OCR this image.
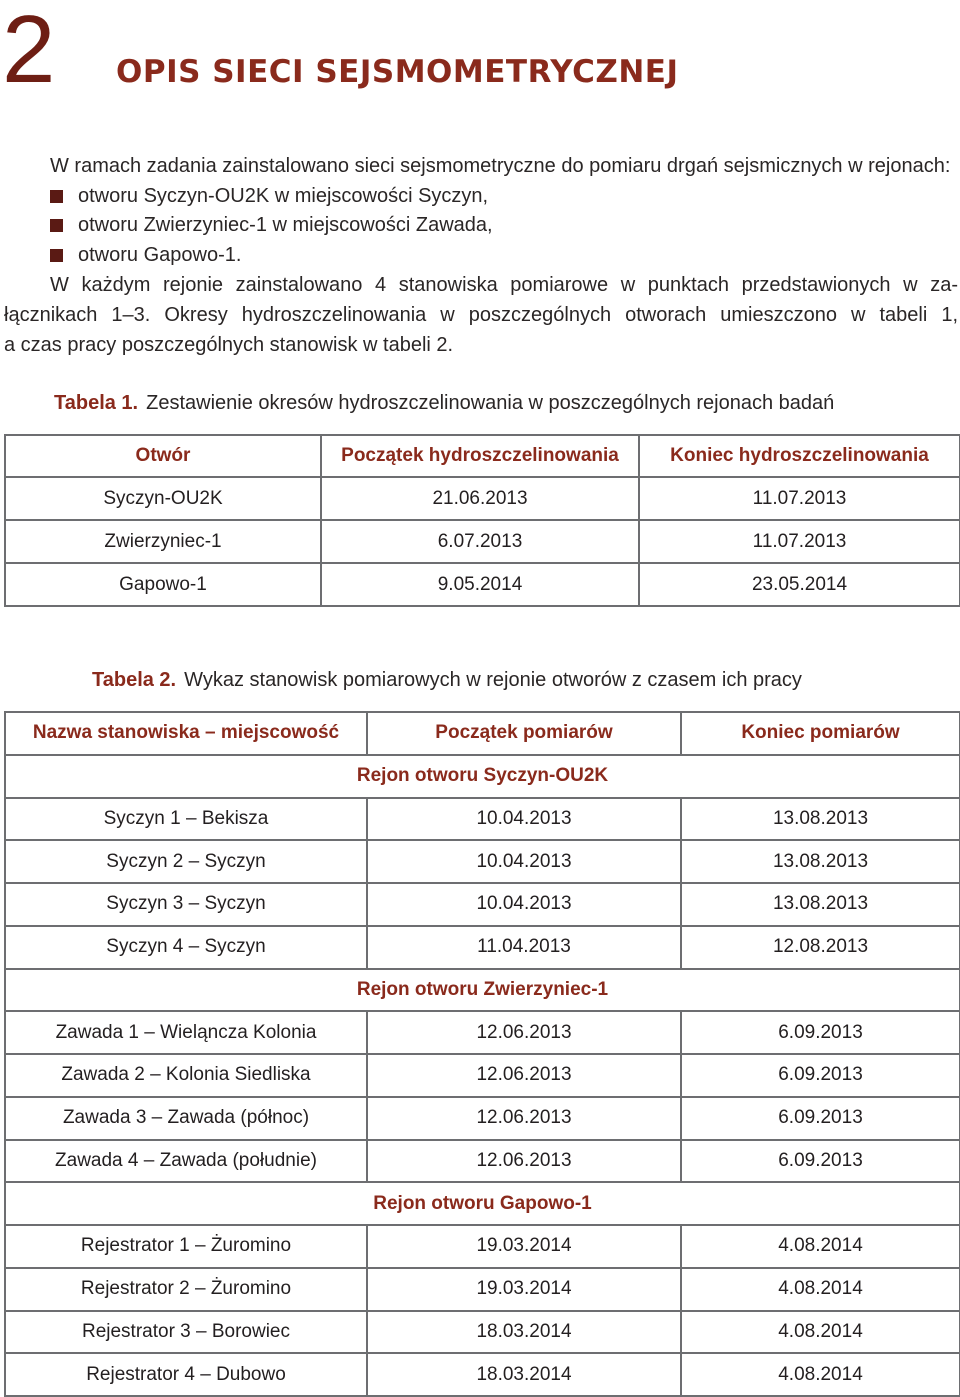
2 OPIS SIECI SEJSMOMETRYCZNEJ

W ramach zadania zainstalowano sieci sejsmometryczne do pomiaru drgań sejsmicznych w rejonach:

otworu Syczyn-OU2K w miejscowości Syczyn,
otworu Zwierzyniec-1 w miejscowości Zawada,
otworu Gapowo-1.

W każdym rejonie zainstalowano 4 stanowiska pomiarowe w punktach przedstawionych w za-

łącznikach 1–3. Okresy hydroszczelinowania w poszczególnych otworach umieszczono w tabeli 1,

a czas pracy poszczególnych stanowisk w tabeli 2.

Tabela 1. Zestawienie okresów hydroszczelinowania w poszczególnych rejonach badań
Otwór	Początek hydroszczelinowania	Koniec hydroszczelinowania
Syczyn-OU2K	21.06.2013	11.07.2013
Zwierzyniec-1	6.07.2013	11.07.2013
Gapowo-1	9.05.2014	23.05.2014
Tabela 2. Wykaz stanowisk pomiarowych w rejonie otworów z czasem ich pracy
Nazwa stanowiska – miejscowość	Początek pomiarów	Koniec pomiarów
Rejon otworu Syczyn-OU2K		
Syczyn 1 – Bekisza	10.04.2013	13.08.2013
Syczyn 2 – Syczyn	10.04.2013	13.08.2013
Syczyn 3 – Syczyn	10.04.2013	13.08.2013
Syczyn 4 – Syczyn	11.04.2013	12.08.2013
Rejon otworu Zwierzyniec-1		
Zawada 1 – Wieląncza Kolonia	12.06.2013	6.09.2013
Zawada 2 – Kolonia Siedliska	12.06.2013	6.09.2013
Zawada 3 – Zawada (północ)	12.06.2013	6.09.2013
Zawada 4 – Zawada (południe)	12.06.2013	6.09.2013
Rejon otworu Gapowo-1		
Rejestrator 1 – Żuromino	19.03.2014	4.08.2014
Rejestrator 2 – Żuromino	19.03.2014	4.08.2014
Rejestrator 3 – Borowiec	18.03.2014	4.08.2014
Rejestrator 4 – Dubowo	18.03.2014	4.08.2014
